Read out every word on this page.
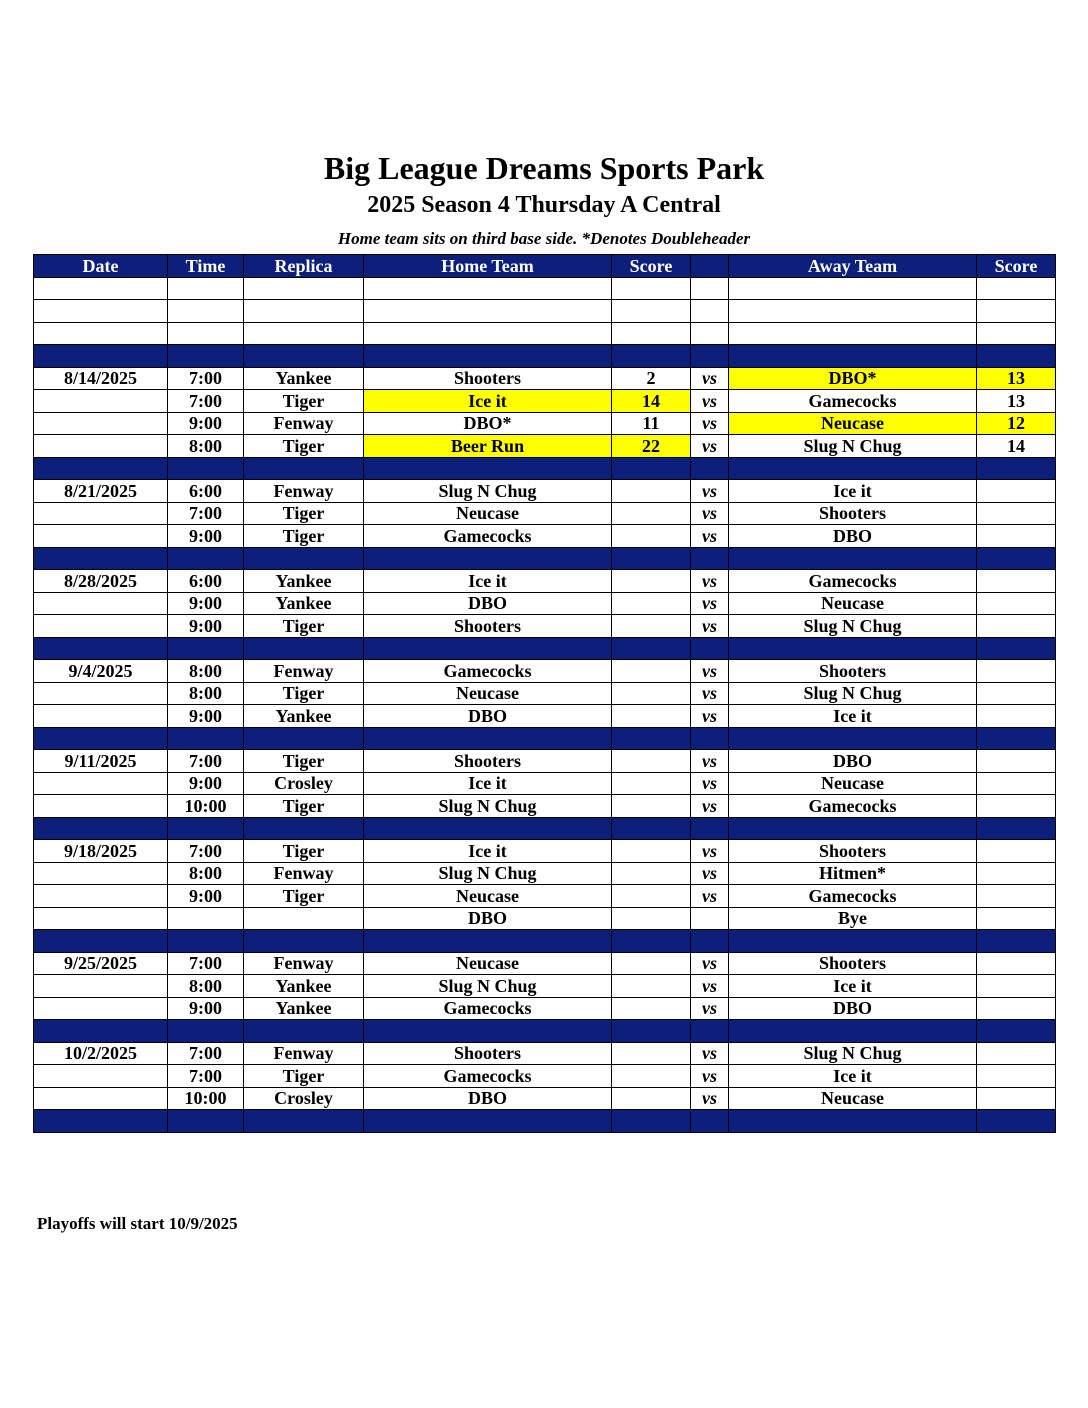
Big League Dreams Sports Park
2025 Season 4 Thursday A Central
Home team sits on third base side. *Denotes Doubleheader
Date	Time	Replica	Home Team	Score		Away Team	Score

8/14/2025	7:00	Yankee	Shooters	2	vs	DBO*	13
	7:00	Tiger	Ice it	14	vs	Gamecocks	13
	9:00	Fenway	DBO*	11	vs	Neucase	12
	8:00	Tiger	Beer Run	22	vs	Slug N Chug	14

8/21/2025	6:00	Fenway	Slug N Chug		vs	Ice it	
	7:00	Tiger	Neucase		vs	Shooters	
	9:00	Tiger	Gamecocks		vs	DBO	

8/28/2025	6:00	Yankee	Ice it		vs	Gamecocks	
	9:00	Yankee	DBO		vs	Neucase	
	9:00	Tiger	Shooters		vs	Slug N Chug	

9/4/2025	8:00	Fenway	Gamecocks		vs	Shooters	
	8:00	Tiger	Neucase		vs	Slug N Chug	
	9:00	Yankee	DBO		vs	Ice it	

9/11/2025	7:00	Tiger	Shooters		vs	DBO	
	9:00	Crosley	Ice it		vs	Neucase	
	10:00	Tiger	Slug N Chug		vs	Gamecocks	

9/18/2025	7:00	Tiger	Ice it		vs	Shooters	
	8:00	Fenway	Slug N Chug		vs	Hitmen*	
	9:00	Tiger	Neucase		vs	Gamecocks	
			DBO			Bye	

9/25/2025	7:00	Fenway	Neucase		vs	Shooters	
	8:00	Yankee	Slug N Chug		vs	Ice it	
	9:00	Yankee	Gamecocks		vs	DBO	

10/2/2025	7:00	Fenway	Shooters		vs	Slug N Chug	
	7:00	Tiger	Gamecocks		vs	Ice it	
	10:00	Crosley	DBO		vs	Neucase	

Playoffs will start 10/9/2025
